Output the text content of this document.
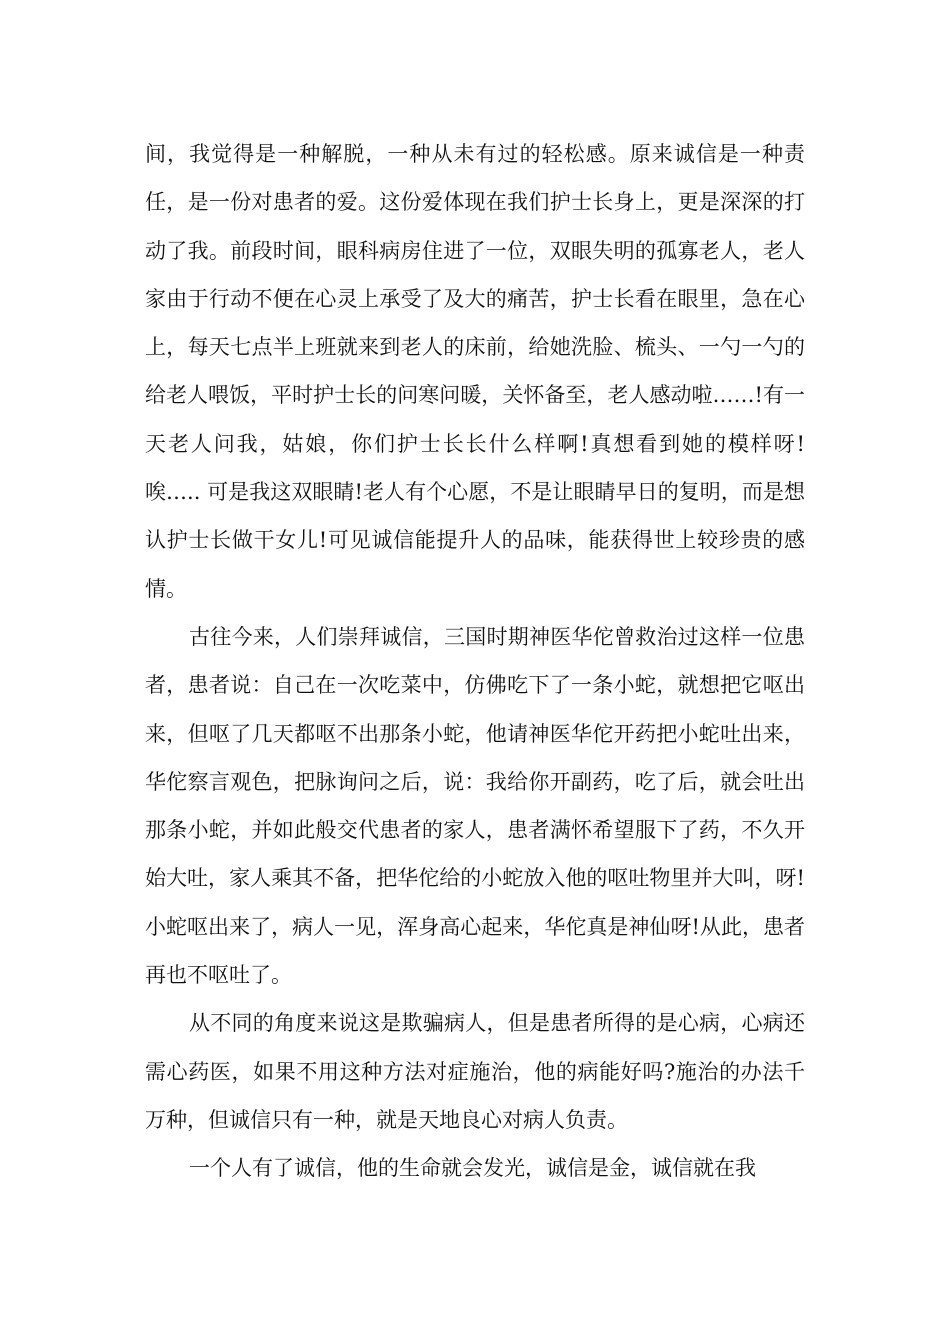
间，我觉得是一种解脱，一种从未有过的轻松感。原来诚信是一种责任，是一份对患者的爱。这份爱体现在我们护士长身上，更是深深的打动了我。前段时间，眼科病房住进了一位，双眼失明的孤寡老人，老人家由于行动不便在心灵上承受了及大的痛苦，护士长看在眼里，急在心上，每天七点半上班就来到老人的床前，给她洗脸、梳头、一勺一勺的给老人喂饭，平时护士长的问寒问暖，关怀备至，老人感动啦……!有一天老人问我，姑娘，你们护士长长什么样啊!真想看到她的模样呀!唉….. 可是我这双眼睛!老人有个心愿，不是让眼睛早日的复明，而是想认护士长做干女儿!可见诚信能提升人的品味，能获得世上较珍贵的感情。

古往今来，人们崇拜诚信，三国时期神医华佗曾救治过这样一位患者，患者说：自己在一次吃菜中，仿佛吃下了一条小蛇，就想把它呕出来，但呕了几天都呕不出那条小蛇，他请神医华佗开药把小蛇吐出来，华佗察言观色，把脉询问之后，说：我给你开副药，吃了后，就会吐出那条小蛇，并如此般交代患者的家人，患者满怀希望服下了药，不久开始大吐，家人乘其不备，把华佗给的小蛇放入他的呕吐物里并大叫，呀!小蛇呕出来了，病人一见，浑身高心起来，华佗真是神仙呀!从此，患者再也不呕吐了。

从不同的角度来说这是欺骗病人，但是患者所得的是心病，心病还需心药医，如果不用这种方法对症施治，他的病能好吗?施治的办法千万种，但诚信只有一种，就是天地良心对病人负责。

一个人有了诚信，他的生命就会发光，诚信是金，诚信就在我
